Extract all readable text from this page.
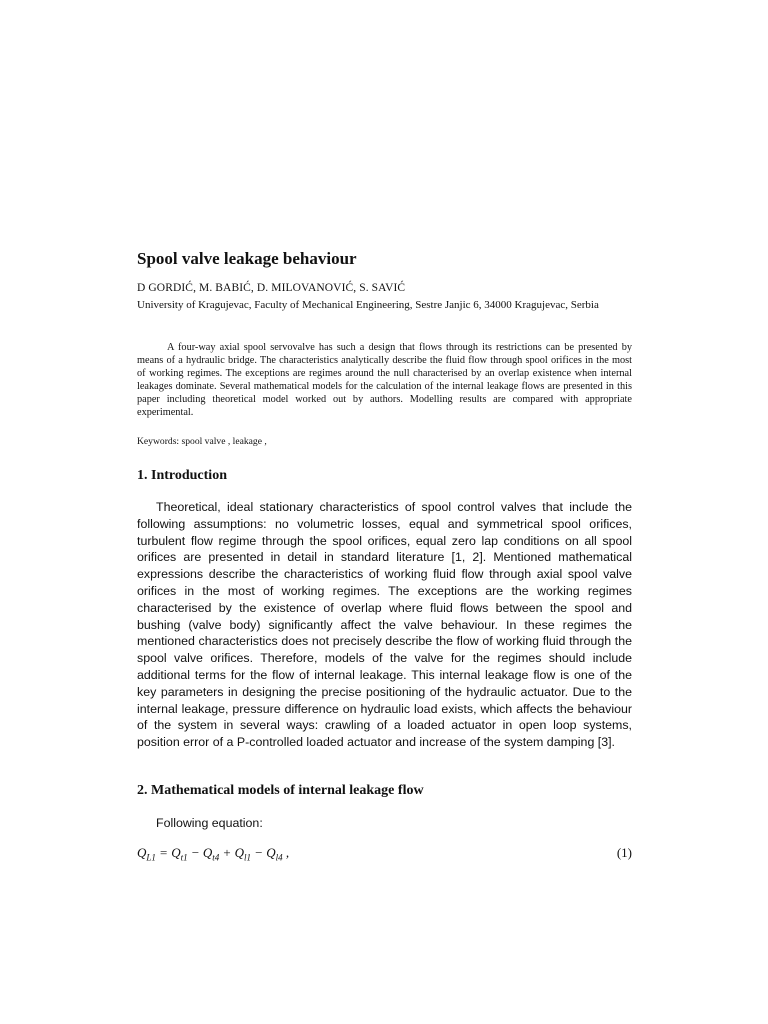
Spool valve leakage behaviour
D GORDIĆ, M. BABIĆ, D. MILOVANOVIĆ, S. SAVIĆ
University of Kragujevac, Faculty of Mechanical Engineering, Sestre Janjic 6, 34000 Kragujevac, Serbia

A four-way axial spool servovalve has such a design that flows through its restrictions can be presented by means of a hydraulic bridge. The characteristics analytically describe the fluid flow through spool orifices in the most of working regimes. The exceptions are regimes around the null characterised by an overlap existence when internal leakages dominate. Several mathematical models for the calculation of the internal leakage flows are presented in this paper including theoretical model worked out by authors. Modelling results are compared with appropriate experimental.

Keywords: spool valve , leakage ,
1. Introduction

Theoretical, ideal stationary characteristics of spool control valves that include the following assumptions: no volumetric losses, equal and symmetrical spool orifices, turbulent flow regime through the spool orifices, equal zero lap conditions on all spool orifices are presented in detail in standard literature [1, 2]. Mentioned mathematical expressions describe the characteristics of working fluid flow through axial spool valve orifices in the most of working regimes. The exceptions are the working regimes characterised by the existence of overlap where fluid flows between the spool and bushing (valve body) significantly affect the valve behaviour. In these regimes the mentioned characteristics does not precisely describe the flow of working fluid through the spool valve orifices. Therefore, models of the valve for the regimes should include additional terms for the flow of internal leakage. This internal leakage flow is one of the key parameters in designing the precise positioning of the hydraulic actuator. Due to the internal leakage, pressure difference on hydraulic load exists, which affects the behaviour of the system in several ways: crawling of a loaded actuator in open loop systems, position error of a P-controlled loaded actuator and increase of the system damping [3].

2. Mathematical models of internal leakage flow
Following equation:
$Q_{L1} = Q_{t1} - Q_{t4} + Q_{l1} - Q_{l4}$ ,	(1)
